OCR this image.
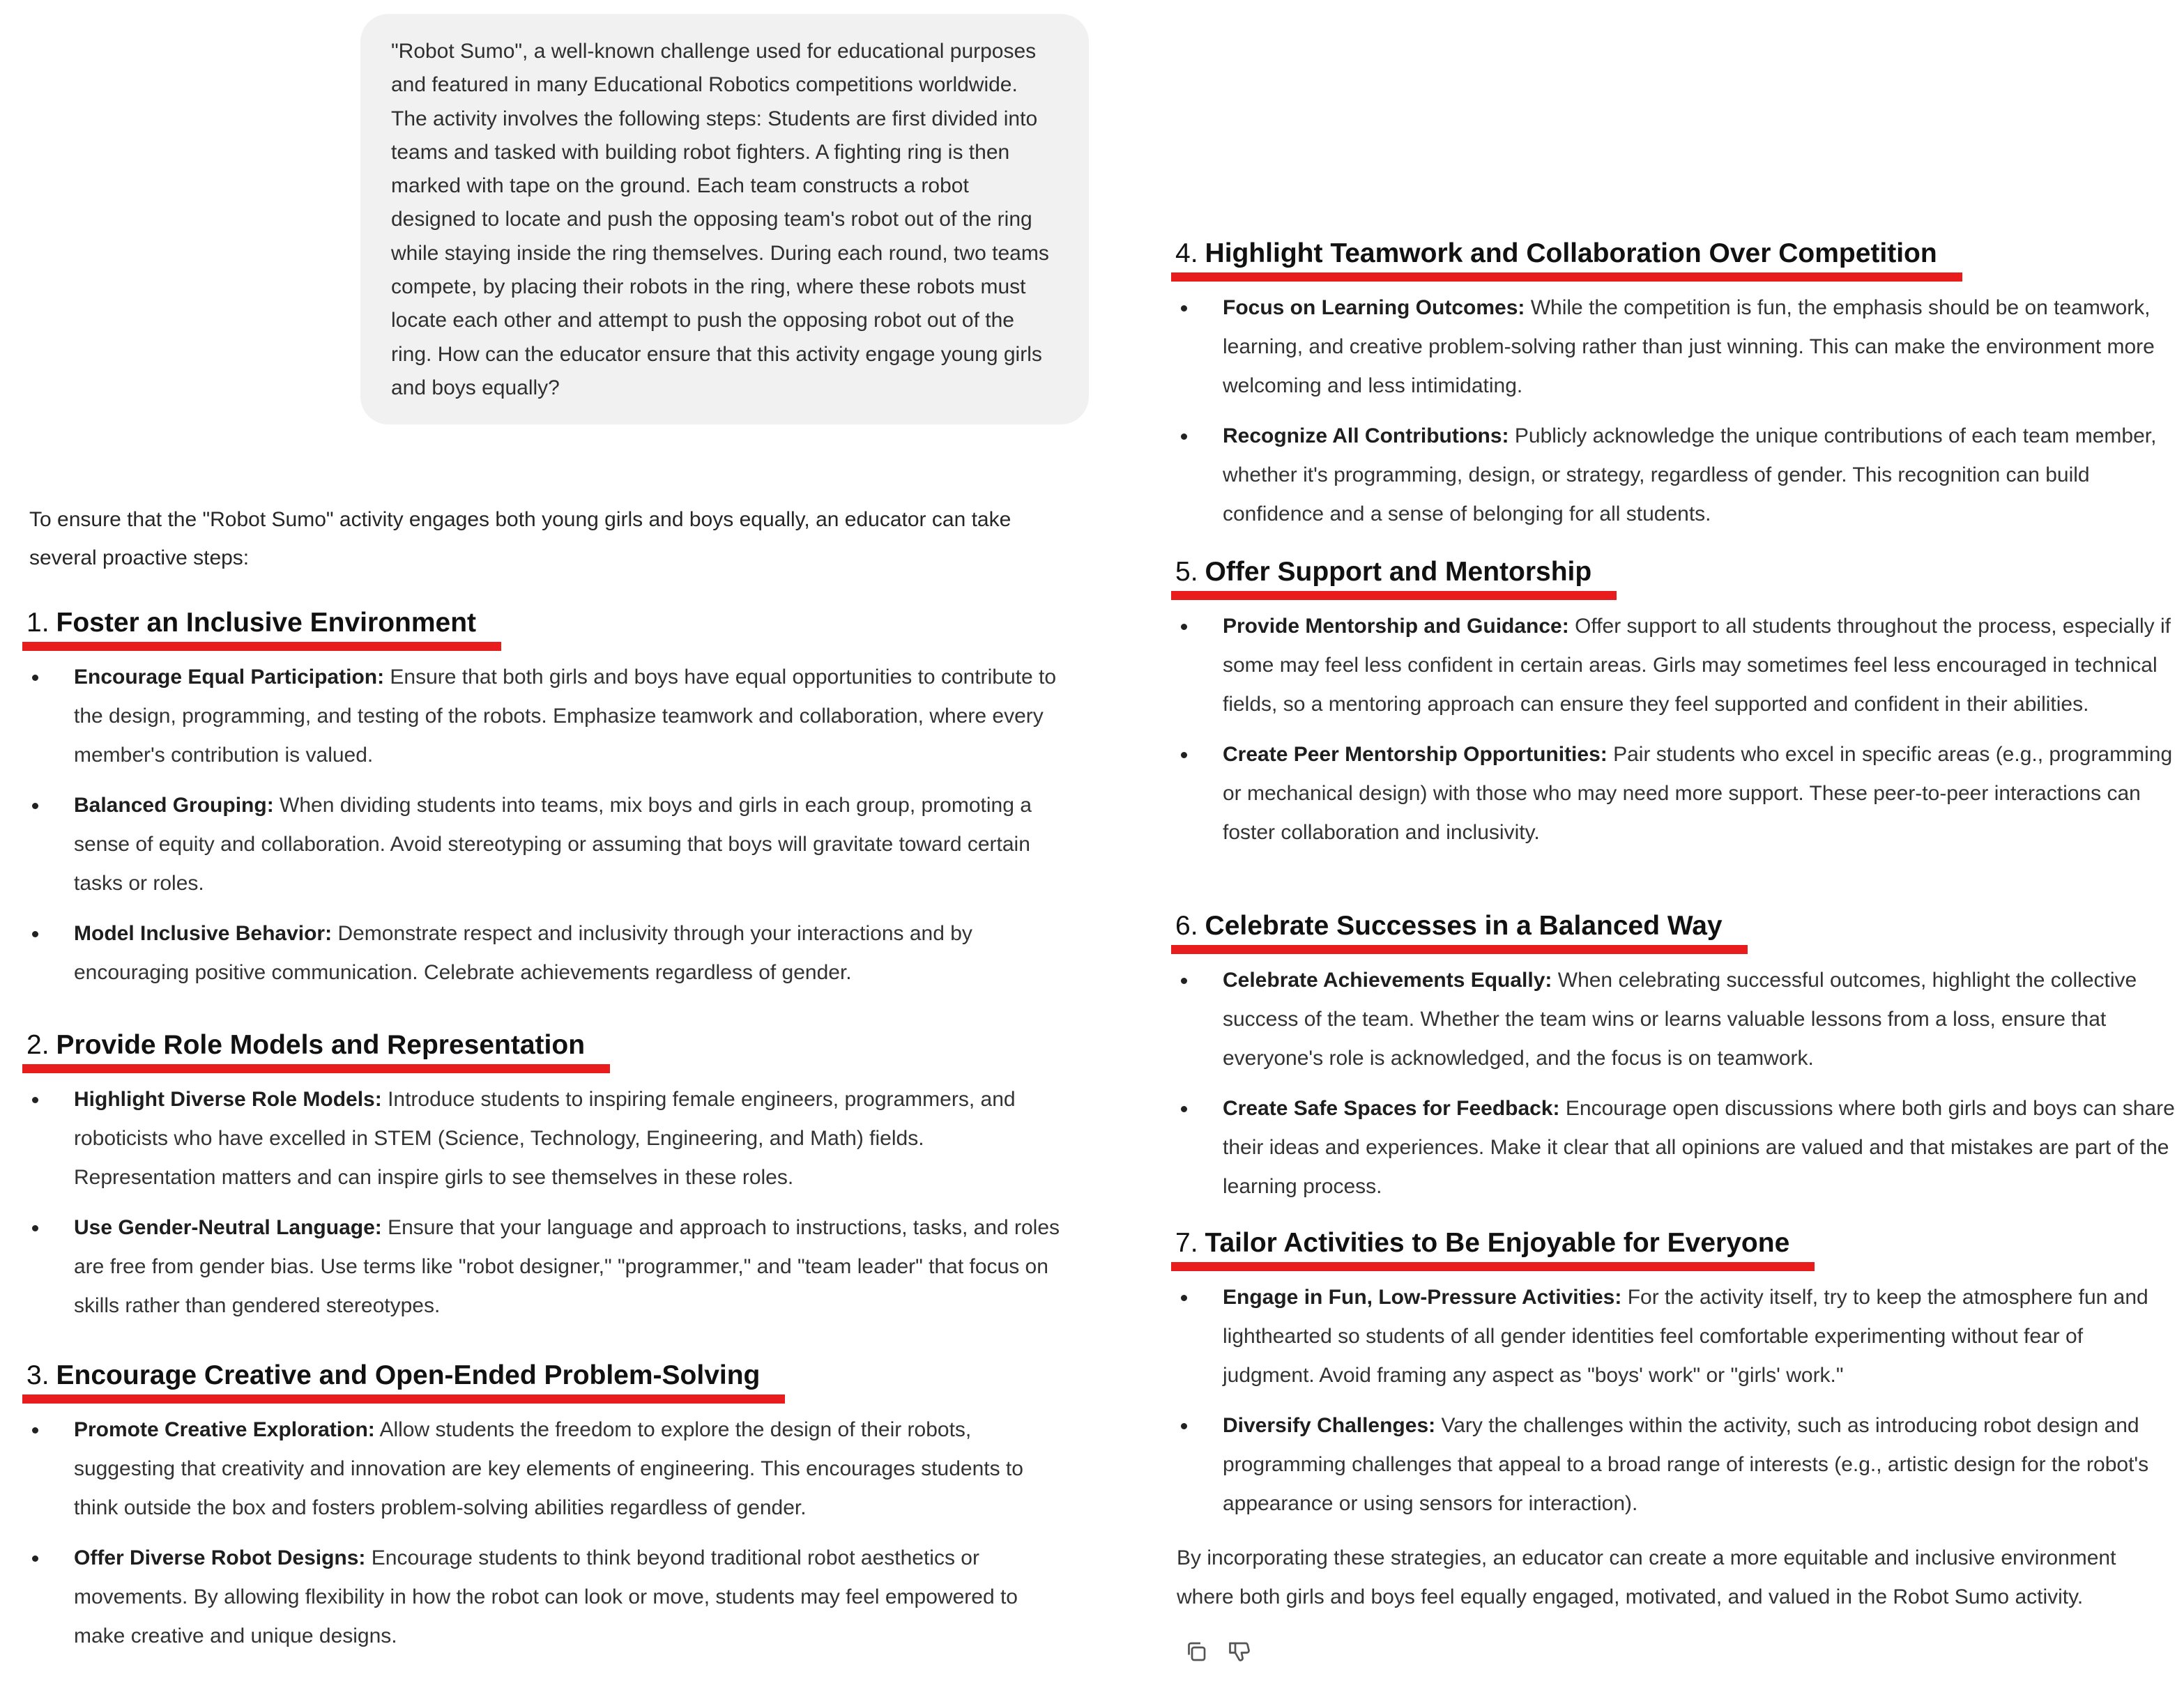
"Robot Sumo", a well-known challenge used for educational purposes and featured in many Educational Robotics competitions worldwide. The activity involves the following steps: Students are first divided into teams and tasked with building robot fighters. A fighting ring is then marked with tape on the ground. Each team constructs a robot designed to locate and push the opposing team's robot out of the ring while staying inside the ring themselves. During each round, two teams compete, by placing their robots in the ring, where these robots must locate each other and attempt to push the opposing robot out of the ring. How can the educator ensure that this activity engage young girls and boys equally?
To ensure that the "Robot Sumo" activity engages both young girls and boys equally, an educator can take several proactive steps:
1. Foster an Inclusive Environment
Encourage Equal Participation: Ensure that both girls and boys have equal opportunities to contribute to the design, programming, and testing of the robots. Emphasize teamwork and collaboration, where every member's contribution is valued.
Balanced Grouping: When dividing students into teams, mix boys and girls in each group, promoting a sense of equity and collaboration. Avoid stereotyping or assuming that boys will gravitate toward certain tasks or roles.
Model Inclusive Behavior: Demonstrate respect and inclusivity through your interactions and by encouraging positive communication. Celebrate achievements regardless of gender.
2. Provide Role Models and Representation
Highlight Diverse Role Models: Introduce students to inspiring female engineers, programmers, and roboticists who have excelled in STEM (Science, Technology, Engineering, and Math) fields. Representation matters and can inspire girls to see themselves in these roles.
Use Gender-Neutral Language: Ensure that your language and approach to instructions, tasks, and roles are free from gender bias. Use terms like "robot designer," "programmer," and "team leader" that focus on skills rather than gendered stereotypes.
3. Encourage Creative and Open-Ended Problem-Solving
Promote Creative Exploration: Allow students the freedom to explore the design of their robots, suggesting that creativity and innovation are key elements of engineering. This encourages students to think outside the box and fosters problem-solving abilities regardless of gender.
Offer Diverse Robot Designs: Encourage students to think beyond traditional robot aesthetics or movements. By allowing flexibility in how the robot can look or move, students may feel empowered to make creative and unique designs.
4. Highlight Teamwork and Collaboration Over Competition
Focus on Learning Outcomes: While the competition is fun, the emphasis should be on teamwork, learning, and creative problem-solving rather than just winning. This can make the environment more welcoming and less intimidating.
Recognize All Contributions: Publicly acknowledge the unique contributions of each team member, whether it's programming, design, or strategy, regardless of gender. This recognition can build confidence and a sense of belonging for all students.
5. Offer Support and Mentorship
Provide Mentorship and Guidance: Offer support to all students throughout the process, especially if some may feel less confident in certain areas. Girls may sometimes feel less encouraged in technical fields, so a mentoring approach can ensure they feel supported and confident in their abilities.
Create Peer Mentorship Opportunities: Pair students who excel in specific areas (e.g., programming or mechanical design) with those who may need more support. These peer-to-peer interactions can foster collaboration and inclusivity.
6. Celebrate Successes in a Balanced Way
Celebrate Achievements Equally: When celebrating successful outcomes, highlight the collective success of the team. Whether the team wins or learns valuable lessons from a loss, ensure that everyone's role is acknowledged, and the focus is on teamwork.
Create Safe Spaces for Feedback: Encourage open discussions where both girls and boys can share their ideas and experiences. Make it clear that all opinions are valued and that mistakes are part of the learning process.
7. Tailor Activities to Be Enjoyable for Everyone
Engage in Fun, Low-Pressure Activities: For the activity itself, try to keep the atmosphere fun and lighthearted so students of all gender identities feel comfortable experimenting without fear of judgment. Avoid framing any aspect as "boys' work" or "girls' work."
Diversify Challenges: Vary the challenges within the activity, such as introducing robot design and programming challenges that appeal to a broad range of interests (e.g., artistic design for the robot's appearance or using sensors for interaction).
By incorporating these strategies, an educator can create a more equitable and inclusive environment where both girls and boys feel equally engaged, motivated, and valued in the Robot Sumo activity.
